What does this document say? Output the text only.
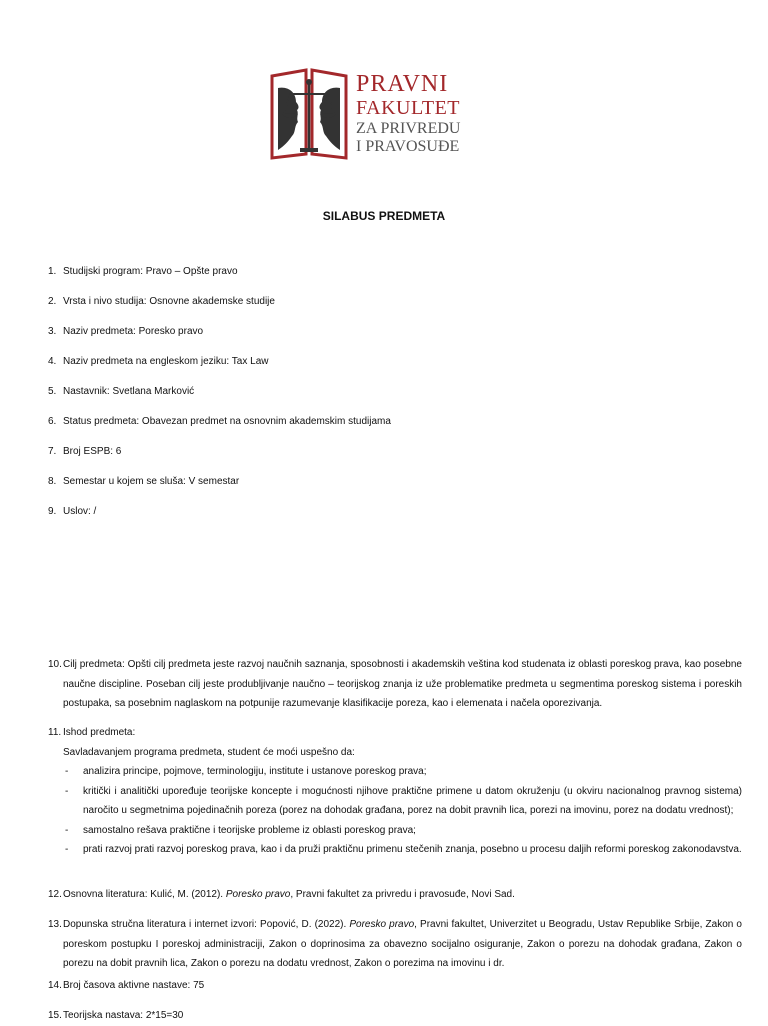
PRAVNI
FAKULTET
ZA PRIVREDU
I PRAVOSUĐE
SILABUS PREDMETA
1. Studijski program: Pravo – Opšte pravo
2. Vrsta i nivo studija: Osnovne akademske studije
3. Naziv predmeta: Poresko pravo
4. Naziv predmeta na engleskom jeziku: Tax Law
5. Nastavnik: Svetlana Marković
6. Status predmeta: Obavezan predmet na osnovnim akademskim studijama
7. Broj ESPB: 6
8. Semestar u kojem se sluša: V semestar
9. Uslov: /
10. Cilj predmeta: Opšti cilj predmeta jeste razvoj naučnih saznanja, sposobnosti i akademskih veština kod studenata iz oblasti poreskog prava, kao posebne naučne discipline. Poseban cilj jeste produbljivanje naučno – teorijskog znanja iz uže problematike predmeta u segmentima poreskog sistema i poreskih postupaka, sa posebnim naglaskom na potpunije razumevanje klasifikacije poreza, kao i elemenata i načela oporezivanja.
11. Ishod predmeta:
Savladavanjem programa predmeta, student će moći uspešno da:
- analizira principe, pojmove, terminologiju, institute i ustanove poreskog prava;
- kritički i analitički upoređuje teorijske koncepte i mogućnosti njihove praktične primene u datom okruženju (u okviru nacionalnog pravnog sistema) naročito u segmetnima pojedinačnih poreza (porez na dohodak građana, porez na dobit pravnih lica, porezi na imovinu, porez na dodatu vrednost);
- samostalno rešava praktične i teorijske probleme iz oblasti poreskog prava;
- prati razvoj prati razvoj poreskog prava, kao i da pruži praktičnu primenu stečenih znanja, posebno u procesu daljih reformi poreskog zakonodavstva.
12. Osnovna literatura: Kulić, M. (2012). Poresko pravo, Pravni fakultet za privredu i pravosuđe, Novi Sad.
13. Dopunska stručna literatura i internet izvori: Popović, D. (2022). Poresko pravo, Pravni fakultet, Univerzitet u Beogradu, Ustav Republike Srbije, Zakon o poreskom postupku I poreskoj administraciji, Zakon o doprinosima za obavezno socijalno osiguranje, Zakon o porezu na dohodak građana, Zakon o porezu na dobit pravnih lica, Zakon o porezu na dodatu vrednost, Zakon o porezima na imovinu i dr.
14. Broj časova aktivne nastave: 75
15. Teorijska nastava: 2*15=30
